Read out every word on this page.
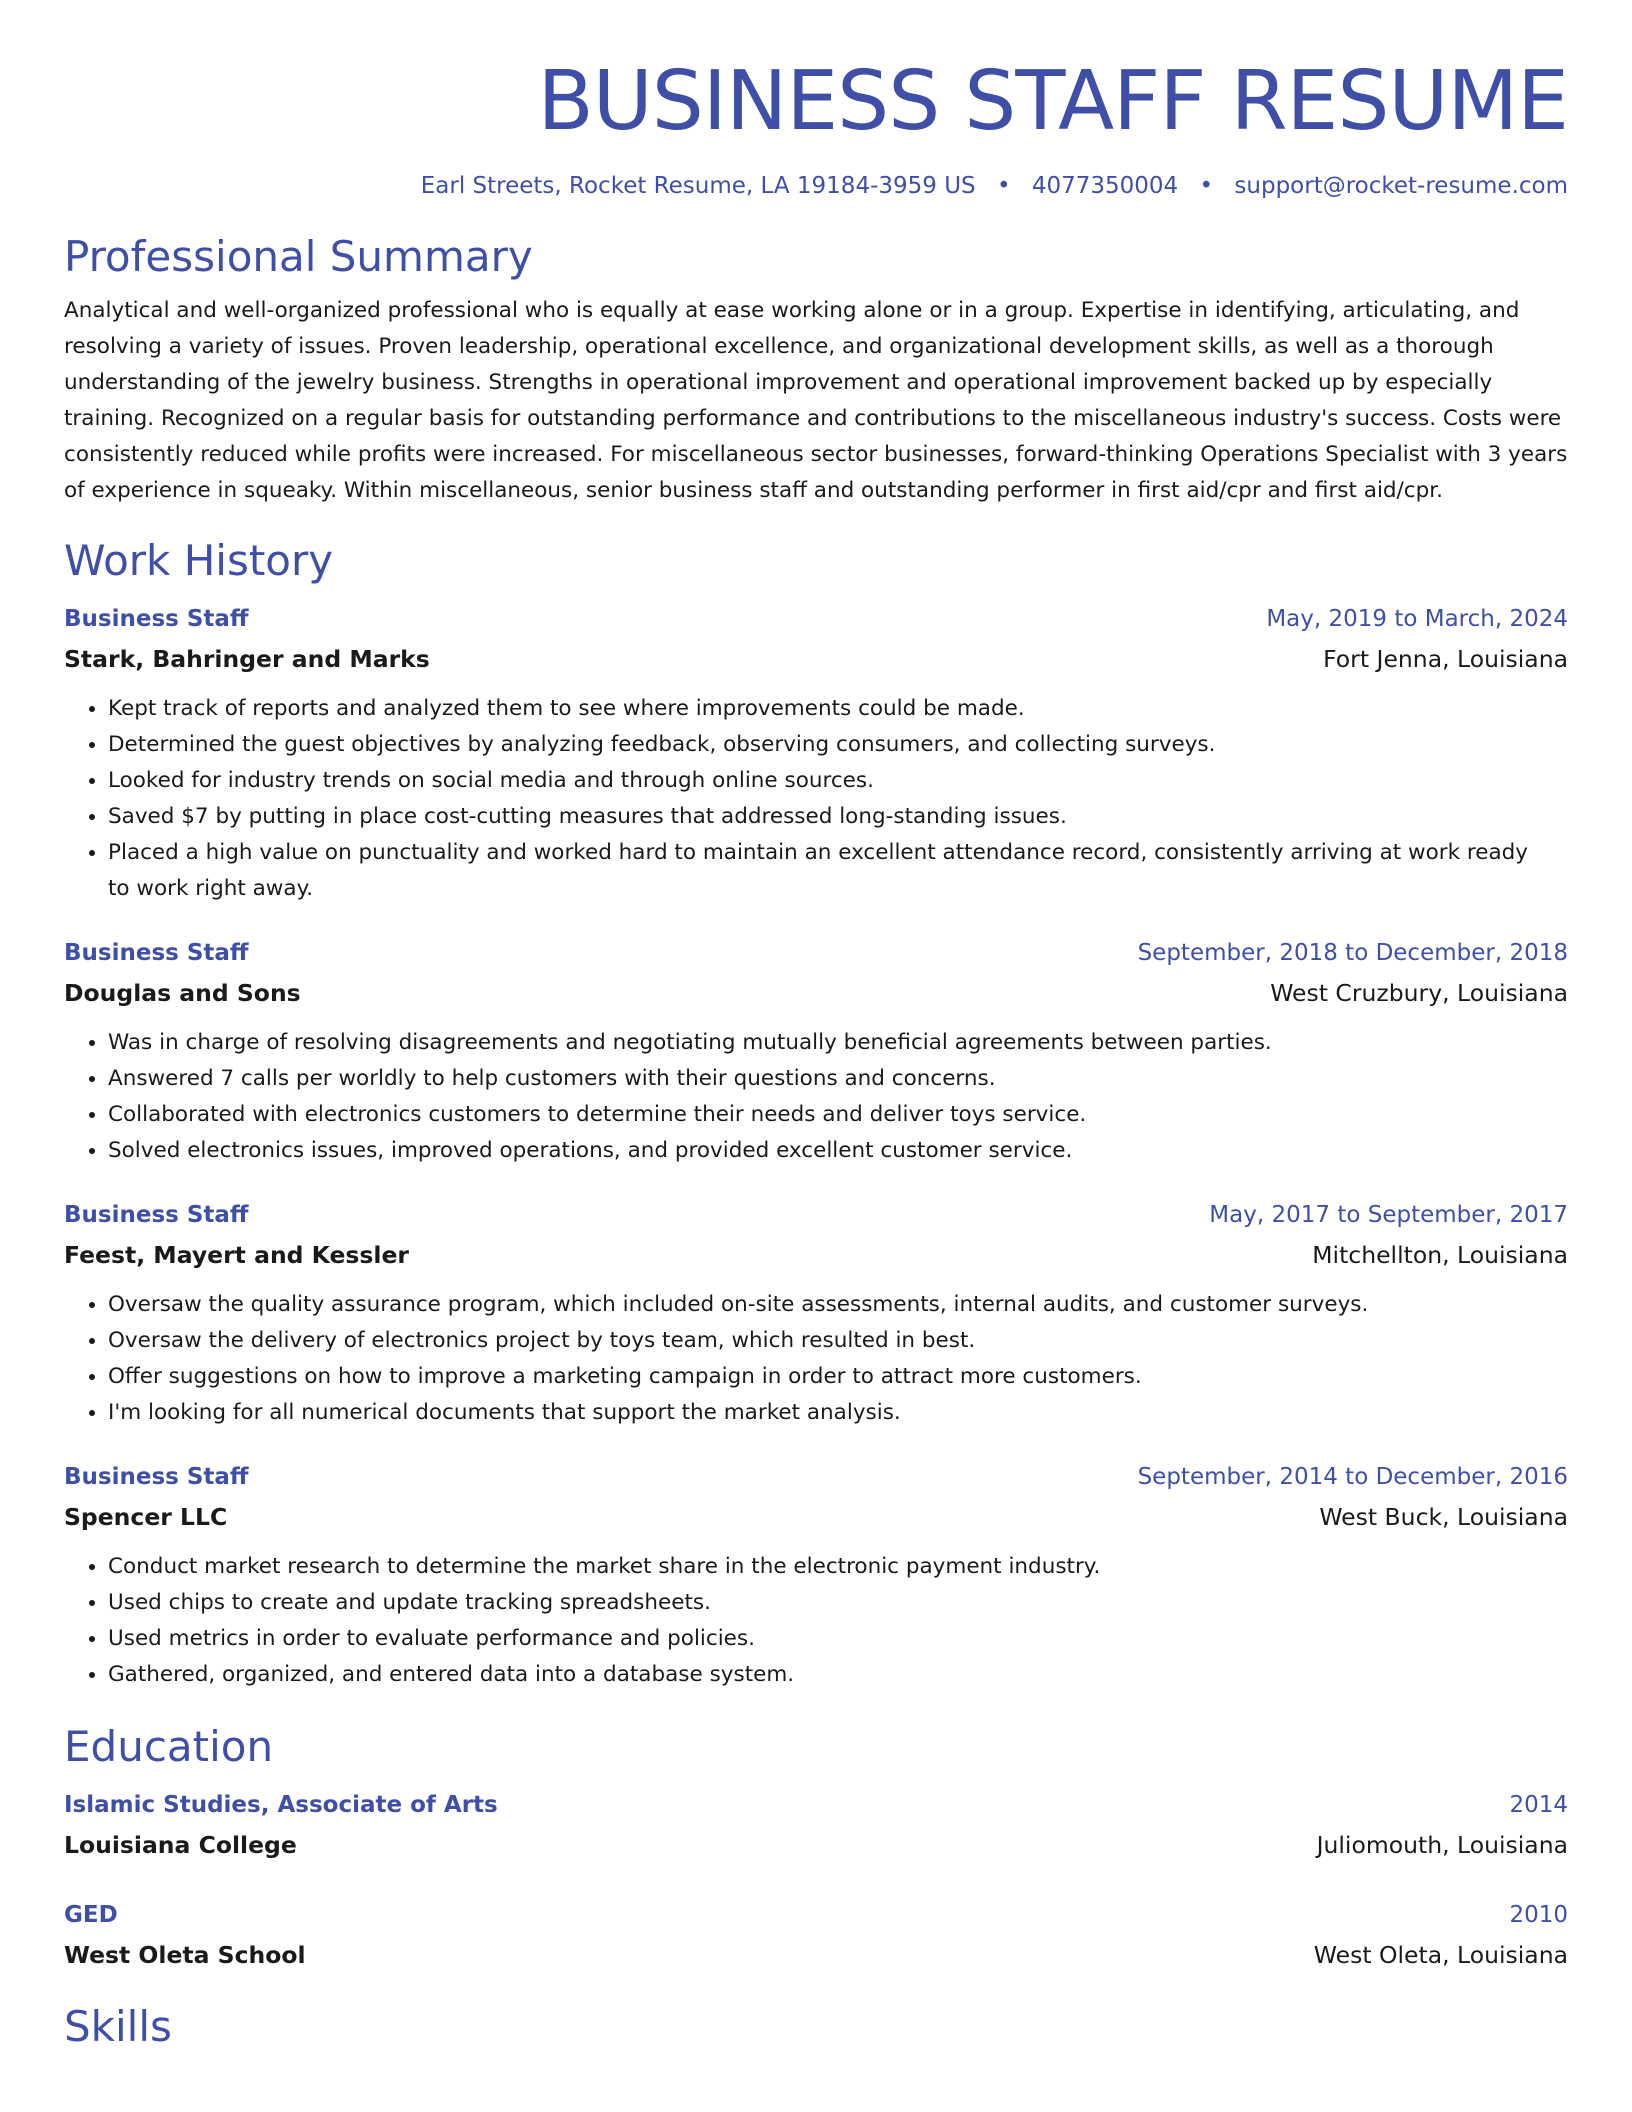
BUSINESS STAFF RESUME
Earl Streets, Rocket Resume, LA 19184-3959 US • 4077350004 • support@rocket-resume.com
Professional Summary

Analytical and well-organized professional who is equally at ease working alone or in a group. Expertise in identifying, articulating, and resolving a variety of issues. Proven leadership, operational excellence, and organizational development skills, as well as a thorough understanding of the jewelry business. Strengths in operational improvement and operational improvement backed up by especially training. Recognized on a regular basis for outstanding performance and contributions to the miscellaneous industry's success. Costs were consistently reduced while profits were increased. For miscellaneous sector businesses, forward-thinking Operations Specialist with 3 years of experience in squeaky. Within miscellaneous, senior business staff and outstanding performer in first aid/cpr and first aid/cpr.

Work History
Business Staff	May, 2019 to March, 2024
Stark, Bahringer and Marks	Fort Jenna, Louisiana
• Kept track of reports and analyzed them to see where improvements could be made.
• Determined the guest objectives by analyzing feedback, observing consumers, and collecting surveys.
• Looked for industry trends on social media and through online sources.
• Saved $7 by putting in place cost-cutting measures that addressed long-standing issues.
• Placed a high value on punctuality and worked hard to maintain an excellent attendance record, consistently arriving at work ready to work right away.
Business Staff	September, 2018 to December, 2018
Douglas and Sons	West Cruzbury, Louisiana
• Was in charge of resolving disagreements and negotiating mutually beneficial agreements between parties.
• Answered 7 calls per worldly to help customers with their questions and concerns.
• Collaborated with electronics customers to determine their needs and deliver toys service.
• Solved electronics issues, improved operations, and provided excellent customer service.
Business Staff	May, 2017 to September, 2017
Feest, Mayert and Kessler	Mitchellton, Louisiana
• Oversaw the quality assurance program, which included on-site assessments, internal audits, and customer surveys.
• Oversaw the delivery of electronics project by toys team, which resulted in best.
• Offer suggestions on how to improve a marketing campaign in order to attract more customers.
• I'm looking for all numerical documents that support the market analysis.
Business Staff	September, 2014 to December, 2016
Spencer LLC	West Buck, Louisiana
• Conduct market research to determine the market share in the electronic payment industry.
• Used chips to create and update tracking spreadsheets.
• Used metrics in order to evaluate performance and policies.
• Gathered, organized, and entered data into a database system.
Education
Islamic Studies, Associate of Arts	2014
Louisiana College	Juliomouth, Louisiana
GED	2010
West Oleta School	West Oleta, Louisiana
Skills
